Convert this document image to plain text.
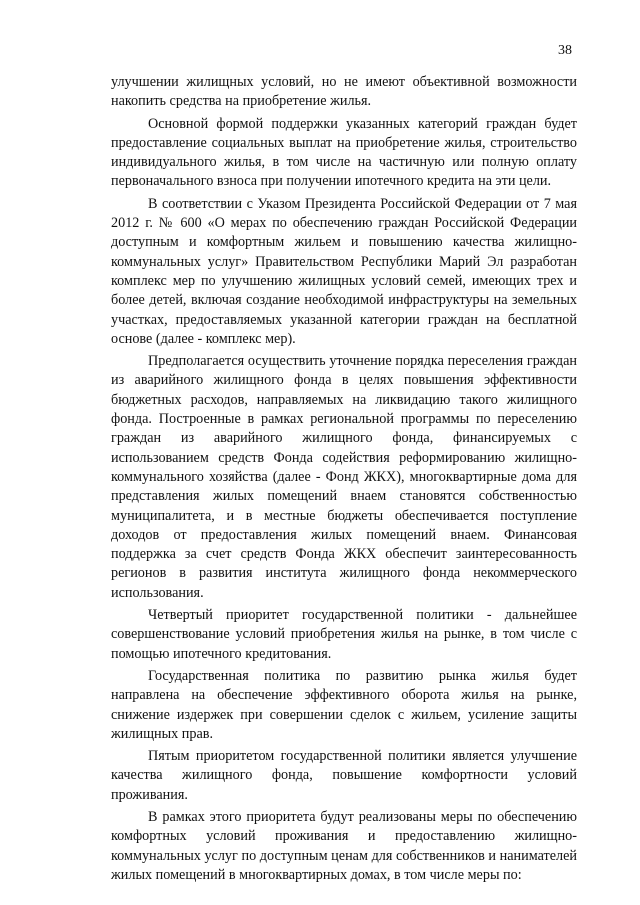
38

улучшении жилищных условий, но не имеют объективной возможности накопить средства на приобретение жилья.

Основной формой поддержки указанных категорий граждан будет предоставление социальных выплат на приобретение жилья, строительство индивидуального жилья, в том числе на частичную или полную оплату первоначального взноса при получении ипотечного кредита на эти цели.

В соответствии с Указом Президента Российской Федерации от 7 мая 2012 г. № 600 «О мерах по обеспечению граждан Российской Федерации доступным и комфортным жильем и повышению качества жилищно-коммунальных услуг» Правительством Республики Марий Эл разработан комплекс мер по улучшению жилищных условий семей, имеющих трех и более детей, включая создание необходимой инфраструктуры на земельных участках, предоставляемых указанной категории граждан на бесплатной основе (далее - комплекс мер).

Предполагается осуществить уточнение порядка переселения граждан из аварийного жилищного фонда в целях повышения эффективности бюджетных расходов, направляемых на ликвидацию такого жилищного фонда. Построенные в рамках региональной программы по переселению граждан из аварийного жилищного фонда, финансируемых с использованием средств Фонда содействия реформированию жилищно-коммунального хозяйства (далее - Фонд ЖКХ), многоквартирные дома для представления жилых помещений внаем становятся собственностью муниципалитета, и в местные бюджеты обеспечивается поступление доходов от предоставления жилых помещений внаем. Финансовая поддержка за счет средств Фонда ЖКХ обеспечит заинтересованность регионов в развития института жилищного фонда некоммерческого использования.

Четвертый приоритет государственной политики - дальнейшее совершенствование условий приобретения жилья на рынке, в том числе с помощью ипотечного кредитования.

Государственная политика по развитию рынка жилья будет направлена на обеспечение эффективного оборота жилья на рынке, снижение издержек при совершении сделок с жильем, усиление защиты жилищных прав.

Пятым приоритетом государственной политики является улучшение качества жилищного фонда, повышение комфортности условий проживания.

В рамках этого приоритета будут реализованы меры по обеспечению комфортных условий проживания и предоставлению жилищно-коммунальных услуг по доступным ценам для собственников и нанимателей жилых помещений в многоквартирных домах, в том числе меры по:
